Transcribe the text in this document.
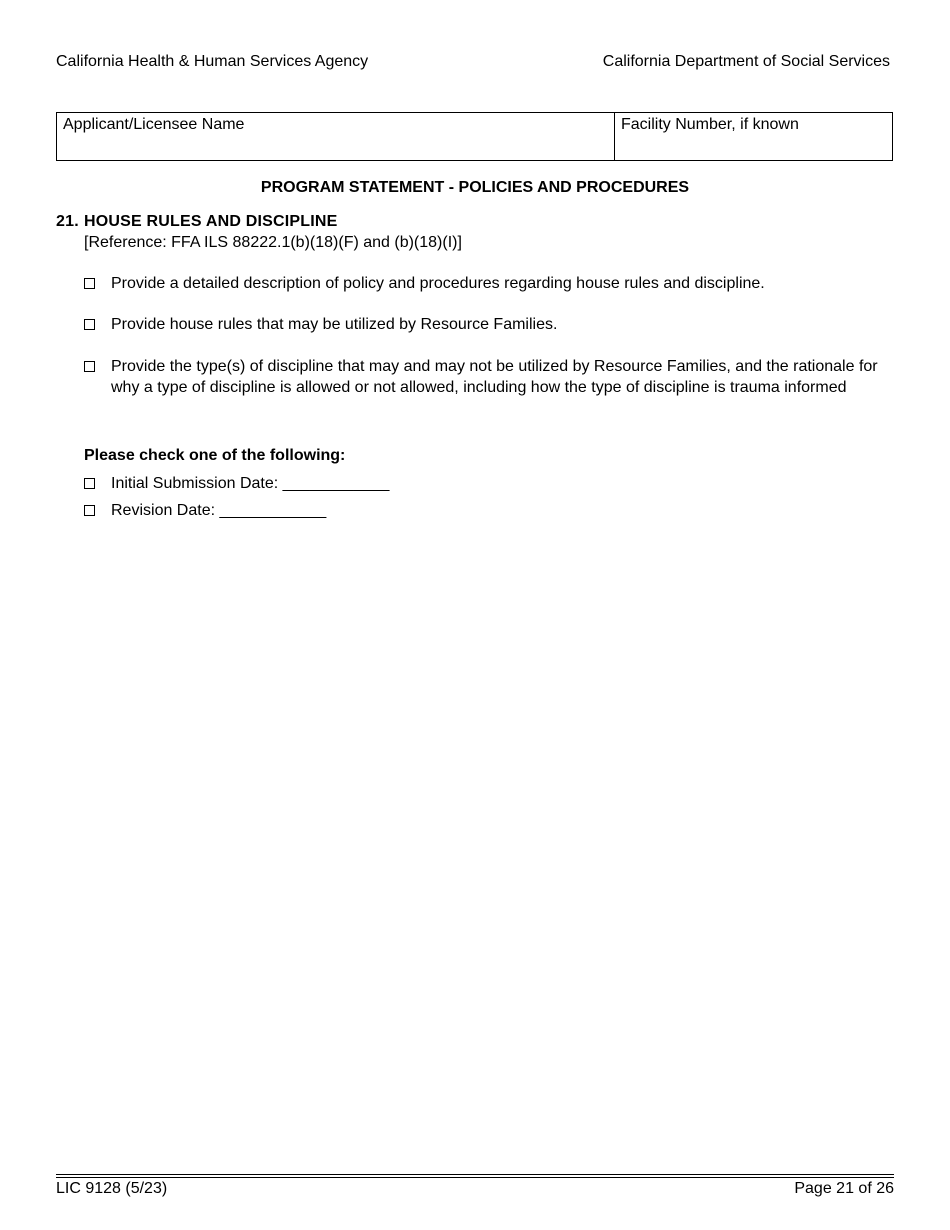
California Health & Human Services Agency	California Department of Social Services
Applicant/Licensee Name	Facility Number, if known
PROGRAM STATEMENT - POLICIES AND PROCEDURES
21. HOUSE RULES AND DISCIPLINE
[Reference: FFA ILS 88222.1(b)(18)(F) and (b)(18)(I)]
Provide a detailed description of policy and procedures regarding house rules and discipline.
Provide house rules that may be utilized by Resource Families.
Provide the type(s) of discipline that may and may not be utilized by Resource Families, and the rationale for why a type of discipline is allowed or not allowed, including how the type of discipline is trauma informed
Please check one of the following:
Initial Submission Date: ____________
Revision Date: ____________
LIC 9128 (5/23)	Page 21 of 26
